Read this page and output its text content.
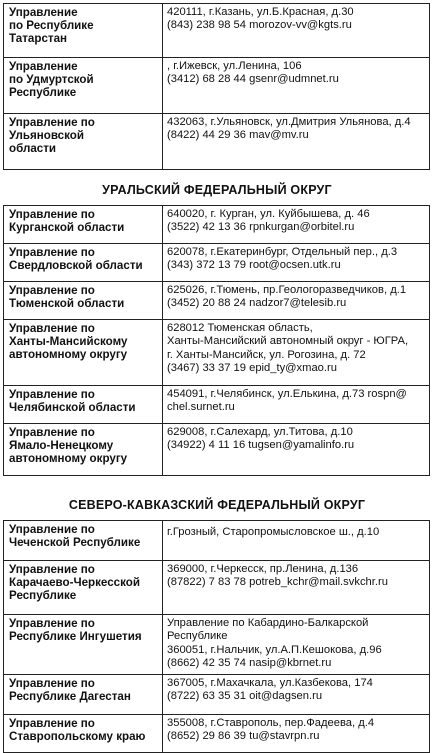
Управление
по Республике
Татарстан	420111, г.Казань, ул.Б.Красная, д.30
(843) 238 98 54 morozov-vv@kgts.ru

Управление
по Удмуртской
Республике	, г.Ижевск, ул.Ленина, 106
(3412) 68 28 44 gsenr@udmnet.ru

Управление по
Ульяновской
области	432063, г.Ульяновск, ул.Дмитрия Ульянова, д.4
(8422) 44 29 36 mav@mv.ru
УРАЛЬСКИЙ ФЕДЕРАЛЬНЫЙ ОКРУГ
Управление по
Курганской области	640020, г. Курган, ул. Куйбышева, д. 46
(3522) 42 13 36 rpnkurgan@orbitel.ru

Управление по
Свердловской области	620078, г.Екатеринбург, Отдельный пер., д.3
(343) 372 13 79 root@ocsen.utk.ru

Управление по
Тюменской области	625026, г.Тюмень, пр.Геологоразведчиков, д.1
(3452) 20 88 24 nadzor7@telesib.ru

Управление по
Ханты-Мансийскому
автономному округу	628012 Тюменская область,
Ханты-Мансийский автономный округ - ЮГРА,
г. Ханты-Мансийск, ул. Рогозина, д. 72
(3467) 33 37 19 epid_ty@xmao.ru

Управление по
Челябинской области	454091, г.Челябинск, ул.Елькина, д.73 rospn@
chel.surnet.ru

Управление по
Ямало-Ненецкому
автономному округу	629008, г.Салехард, ул.Титова, д.10
(34922) 4 11 16 tugsen@yamalinfo.ru
СЕВЕРО-КАВКАЗСКИЙ ФЕДЕРАЛЬНЫЙ ОКРУГ
Управление по
Чеченской Республике	г.Грозный, Старопромысловское ш., д.10

Управление по
Карачаево-Черкесской
Республике	369000, г.Черкесск, пр.Ленина, д.136
(87822) 7 83 78 potreb_kchr@mail.svkchr.ru

Управление по
Республике Ингушетия	Управление по Кабардино-Балкарской Республике
360051, г.Нальчик, ул.А.П.Кешокова, д.96
(8662) 42 35 74 nasip@kbrnet.ru

Управление по
Республике Дагестан	367005, г.Махачкала, ул.Казбекова, 174
(8722) 63 35 31 oit@dagsen.ru

Управление по
Ставропольскому краю	355008, г.Ставрополь, пер.Фадеева, д.4
(8652) 29 86 39 tu@stavrpn.ru
